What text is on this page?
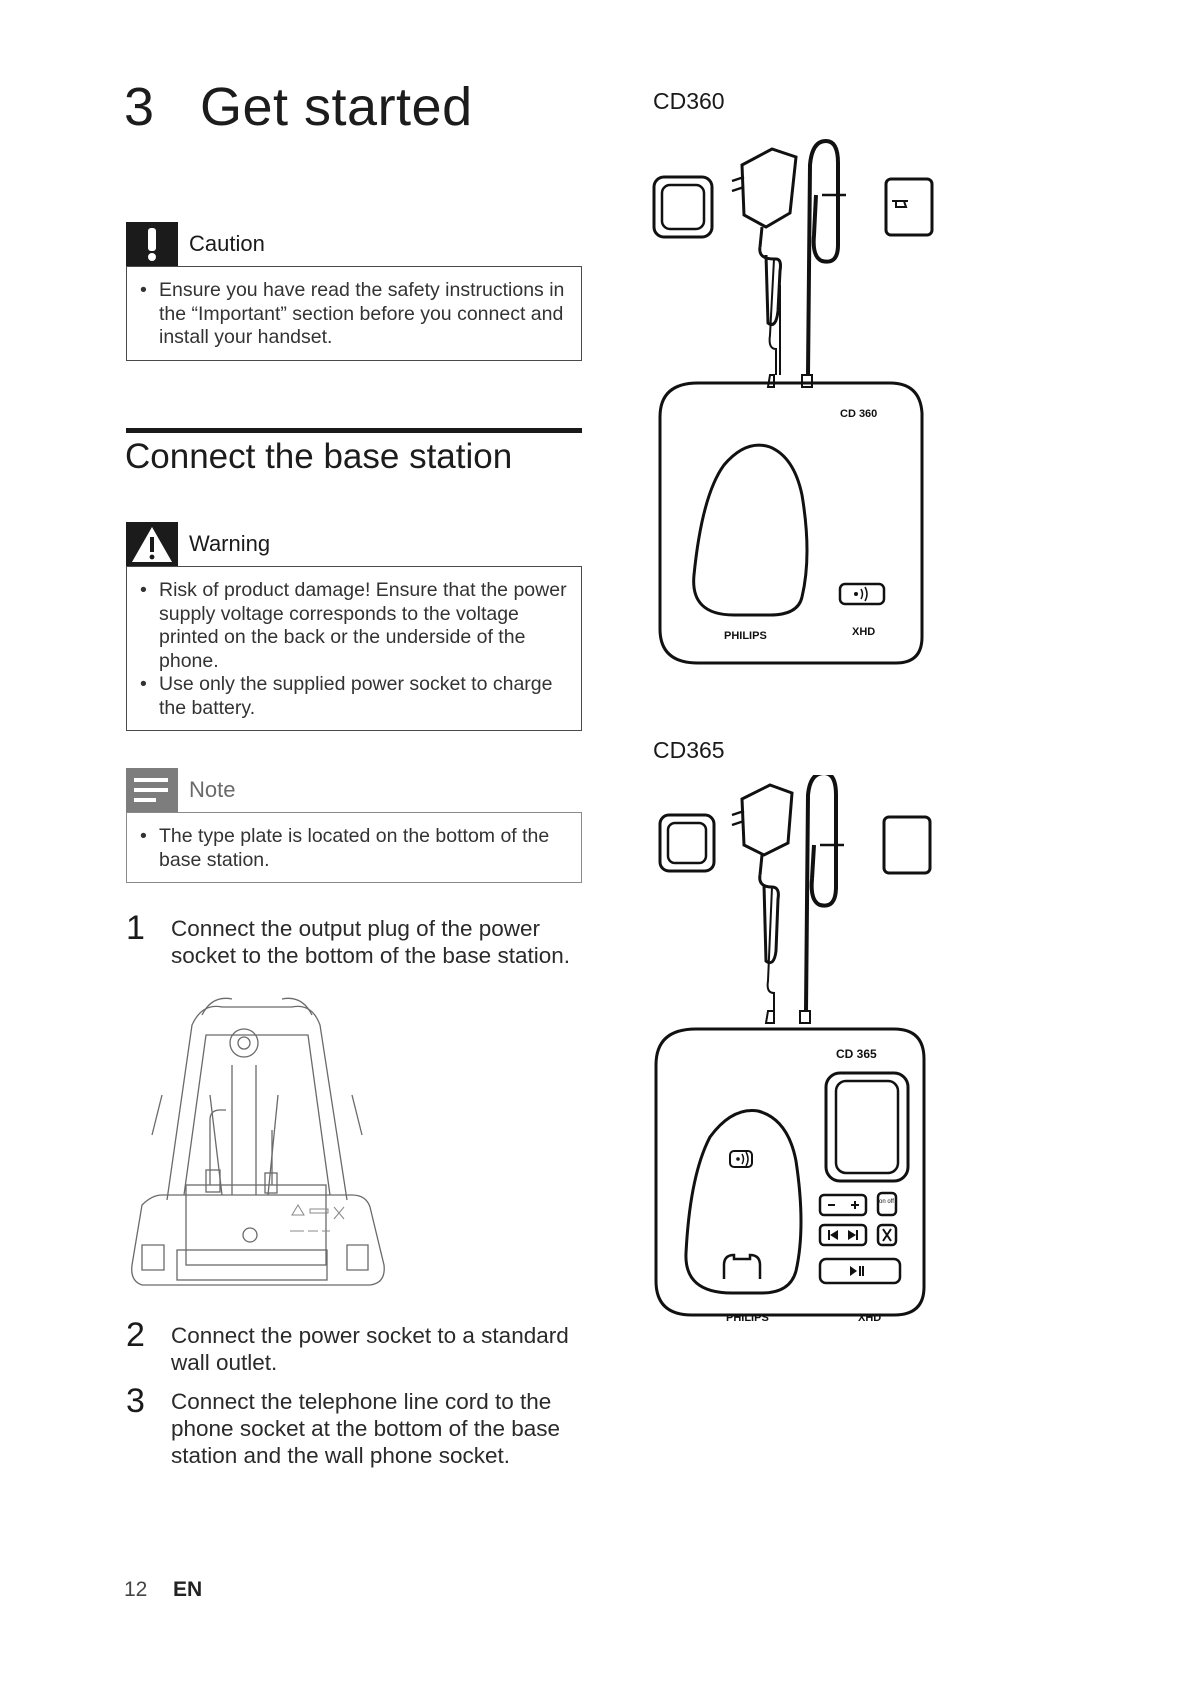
3 Get started
Caution
• Ensure you have read the safety instructions in the “Important” section before you connect and install your handset.
Connect the base station
Warning
• Risk of product damage! Ensure that the power supply voltage corresponds to the voltage printed on the back or the underside of the phone.
• Use only the supplied power socket to charge the battery.
Note
• The type plate is located on the bottom of the base station.
1 Connect the output plug of the power socket to the bottom of the base station.
2 Connect the power socket to a standard wall outlet.
3 Connect the telephone line cord to the phone socket at the bottom of the base station and the wall phone socket.
CD360
CD 360
PHILIPS	XHD
CD365
on off
CD 365
PHILIPS	XHD
12 EN
